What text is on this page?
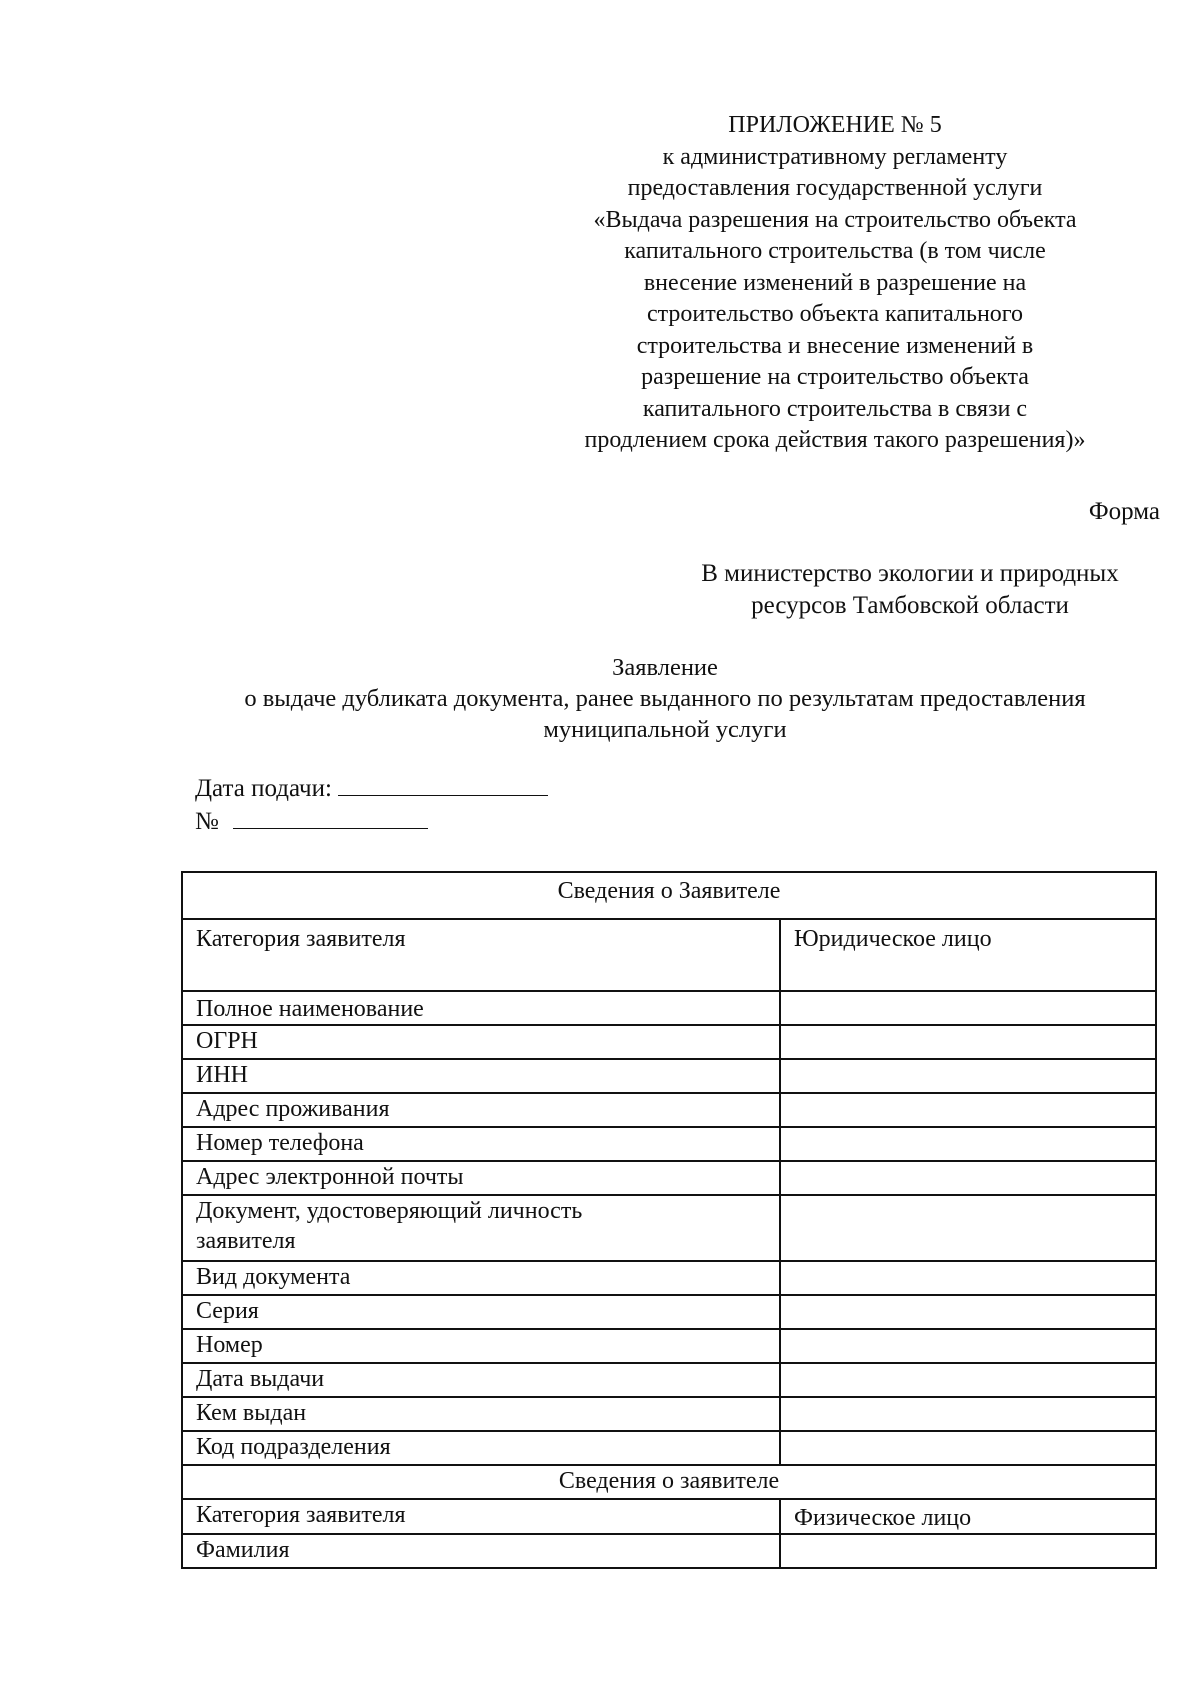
ПРИЛОЖЕНИЕ № 5
к административному регламенту
предоставления государственной услуги
«Выдача разрешения на строительство объекта
капитального строительства (в том числе
внесение изменений в разрешение на
строительство объекта капитального
строительства и внесение изменений в
разрешение на строительство объекта
капитального строительства в связи с
продлением срока действия такого разрешения)»
Форма
В министерство экологии и природных
ресурсов Тамбовской области
Заявление
о выдаче дубликата документа, ранее выданного по результатам предоставления
муниципальной услуги
Дата подачи:
№
Сведения о Заявителе	
Категория заявителя	Юридическое лицо
Полное наименование	
ОГРН	
ИНН	
Адрес проживания	
Номер телефона	
Адрес электронной почты	
Документ, удостоверяющий личность
заявителя	
Вид документа	
Серия	
Номер	
Дата выдачи	
Кем выдан	
Код подразделения	
Сведения о заявителе	
Категория заявителя	Физическое лицо
Фамилия	
